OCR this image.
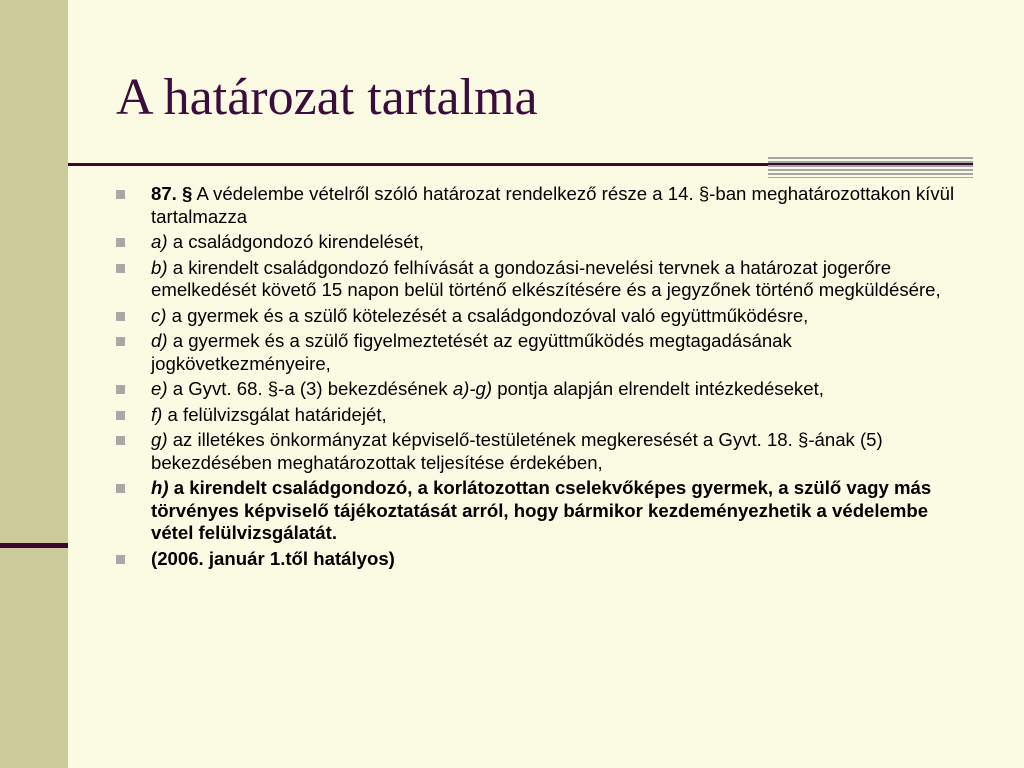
A határozat tartalma
87. § A védelembe vételről szóló határozat rendelkező része a 14. §-ban meghatározottakon kívül tartalmazza
a) a családgondozó kirendelését,
b) a kirendelt családgondozó felhívását a gondozási-nevelési tervnek a határozat jogerőre emelkedését követő 15 napon belül történő elkészítésére és a jegyzőnek történő megküldésére,
c) a gyermek és a szülő kötelezését a családgondozóval való együttműködésre,
d) a gyermek és a szülő figyelmeztetését az együttműködés megtagadásának jogkövetkezményeire,
e) a Gyvt. 68. §-a (3) bekezdésének a)-g) pontja alapján elrendelt intézkedéseket,
f) a felülvizsgálat határidejét,
g) az illetékes önkormányzat képviselő-testületének megkeresését a Gyvt. 18. §-ának (5) bekezdésében meghatározottak teljesítése érdekében,
h) a kirendelt családgondozó, a korlátozottan cselekvőképes gyermek, a szülő vagy más törvényes képviselő tájékoztatását arról, hogy bármikor kezdeményezhetik a védelembe vétel felülvizsgálatát.
(2006. január 1.től hatályos)
